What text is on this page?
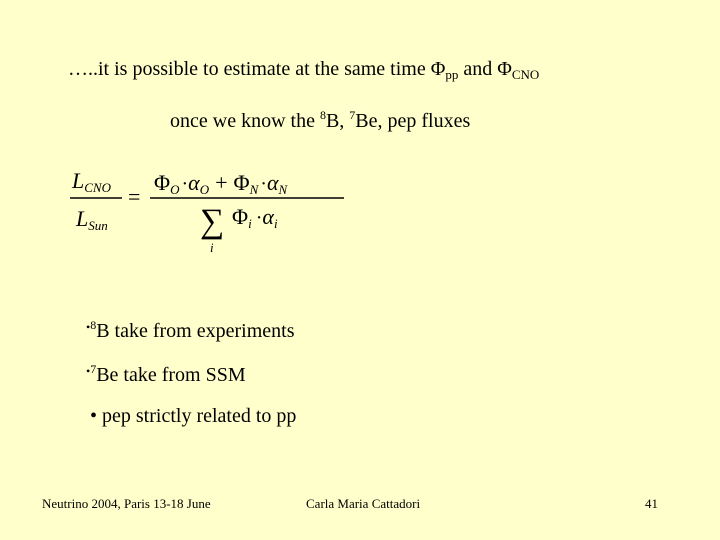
…..it is possible to estimate at the same time $\Phi_{pp}$ and $\Phi_{CNO}$
once we know the $^8$B, $^7$Be, pep fluxes
LCNO
LSun
=
ΦO ·αO + ΦN ·αN
∑
i
Φi ·αi
$^{•8}$B take from experiments
$^{•7}$Be take from SSM
• pep strictly related to pp
Neutrino 2004, Paris 13-18 June	Carla Maria Cattadori	41
